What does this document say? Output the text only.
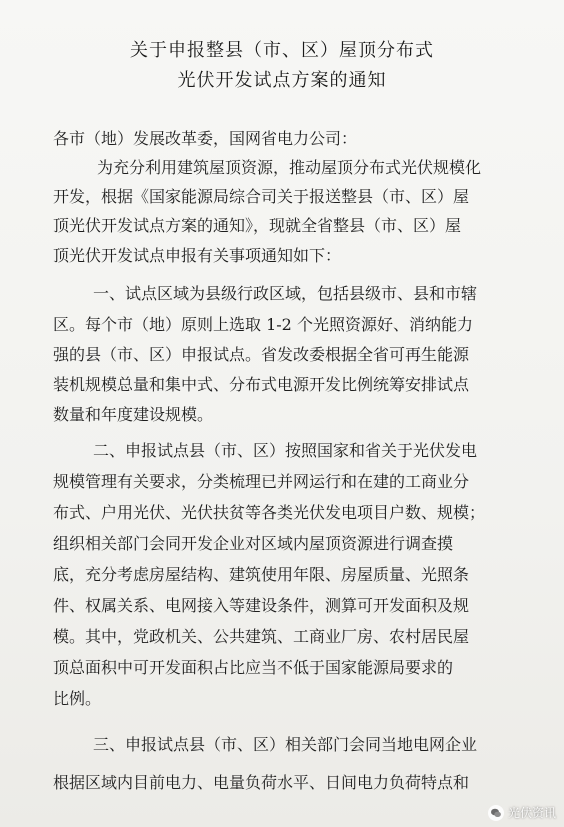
关于申报整县（市、区）屋顶分布式
光伏开发试点方案的通知
各市（地）发展改革委，国网省电力公司：
为充分利用建筑屋顶资源，推动屋顶分布式光伏规模化
开发，根据《国家能源局综合司关于报送整县（市、区）屋
顶光伏开发试点方案的通知》，现就全省整县（市、区）屋
顶光伏开发试点申报有关事项通知如下：
一、试点区域为县级行政区域，包括县级市、县和市辖
区。每个市（地）原则上选取 1-2 个光照资源好、消纳能力
强的县（市、区）申报试点。省发改委根据全省可再生能源
装机规模总量和集中式、分布式电源开发比例统筹安排试点
数量和年度建设规模。
二、申报试点县（市、区）按照国家和省关于光伏发电
规模管理有关要求，分类梳理已并网运行和在建的工商业分
布式、户用光伏、光伏扶贫等各类光伏发电项目户数、规模；
组织相关部门会同开发企业对区域内屋顶资源进行调查摸
底，充分考虑房屋结构、建筑使用年限、房屋质量、光照条
件、权属关系、电网接入等建设条件，测算可开发面积及规
模。其中，党政机关、公共建筑、工商业厂房、农村居民屋
顶总面积中可开发面积占比应当不低于国家能源局要求的
比例。
三、申报试点县（市、区）相关部门会同当地电网企业
根据区域内目前电力、电量负荷水平、日间电力负荷特点和
光伏资讯
